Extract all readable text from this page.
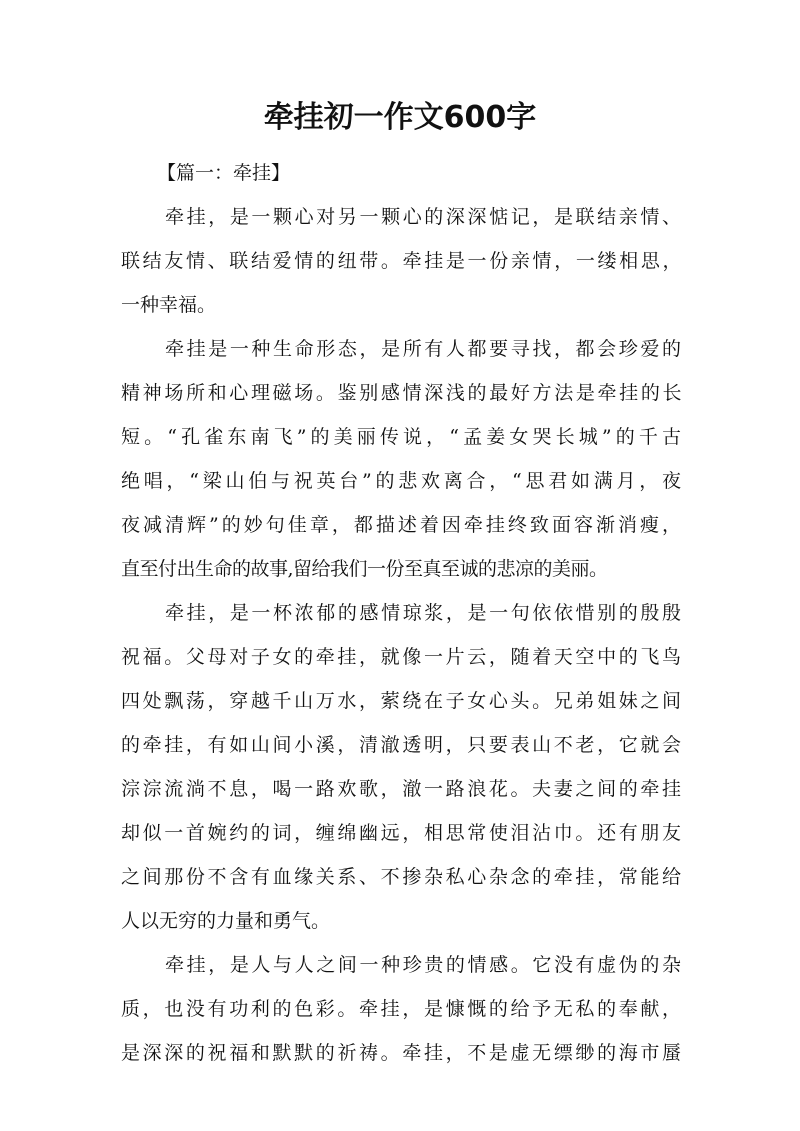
牵挂初一作文600字

【篇一：牵挂】

牵挂，是一颗心对另一颗心的深深惦记，是联结亲情、
联结友情、联结爱情的纽带。牵挂是一份亲情，一缕相思，
一种幸福。

牵挂是一种生命形态，是所有人都要寻找，都会珍爱的
精神场所和心理磁场。鉴别感情深浅的最好方法是牵挂的长
短。“孔雀东南飞”的美丽传说，“孟姜女哭长城”的千古
绝唱，“梁山伯与祝英台”的悲欢离合，“思君如满月，夜
夜减清辉”的妙句佳章，都描述着因牵挂终致面容渐消瘦，
直至付出生命的故事,留给我们一份至真至诚的悲凉的美丽。

牵挂，是一杯浓郁的感情琼浆，是一句依依惜别的殷殷
祝福。父母对子女的牵挂，就像一片云，随着天空中的飞鸟
四处飘荡，穿越千山万水，萦绕在子女心头。兄弟姐妹之间
的牵挂，有如山间小溪，清澈透明，只要表山不老，它就会
淙淙流淌不息，喝一路欢歌，澈一路浪花。夫妻之间的牵挂
却似一首婉约的词，缠绵幽远，相思常使泪沾巾。还有朋友
之间那份不含有血缘关系、不掺杂私心杂念的牵挂，常能给
人以无穷的力量和勇气。

牵挂，是人与人之间一种珍贵的情感。它没有虚伪的杂
质，也没有功利的色彩。牵挂，是慷慨的给予无私的奉献，
是深深的祝福和默默的祈祷。牵挂，不是虚无缥缈的海市蜃
